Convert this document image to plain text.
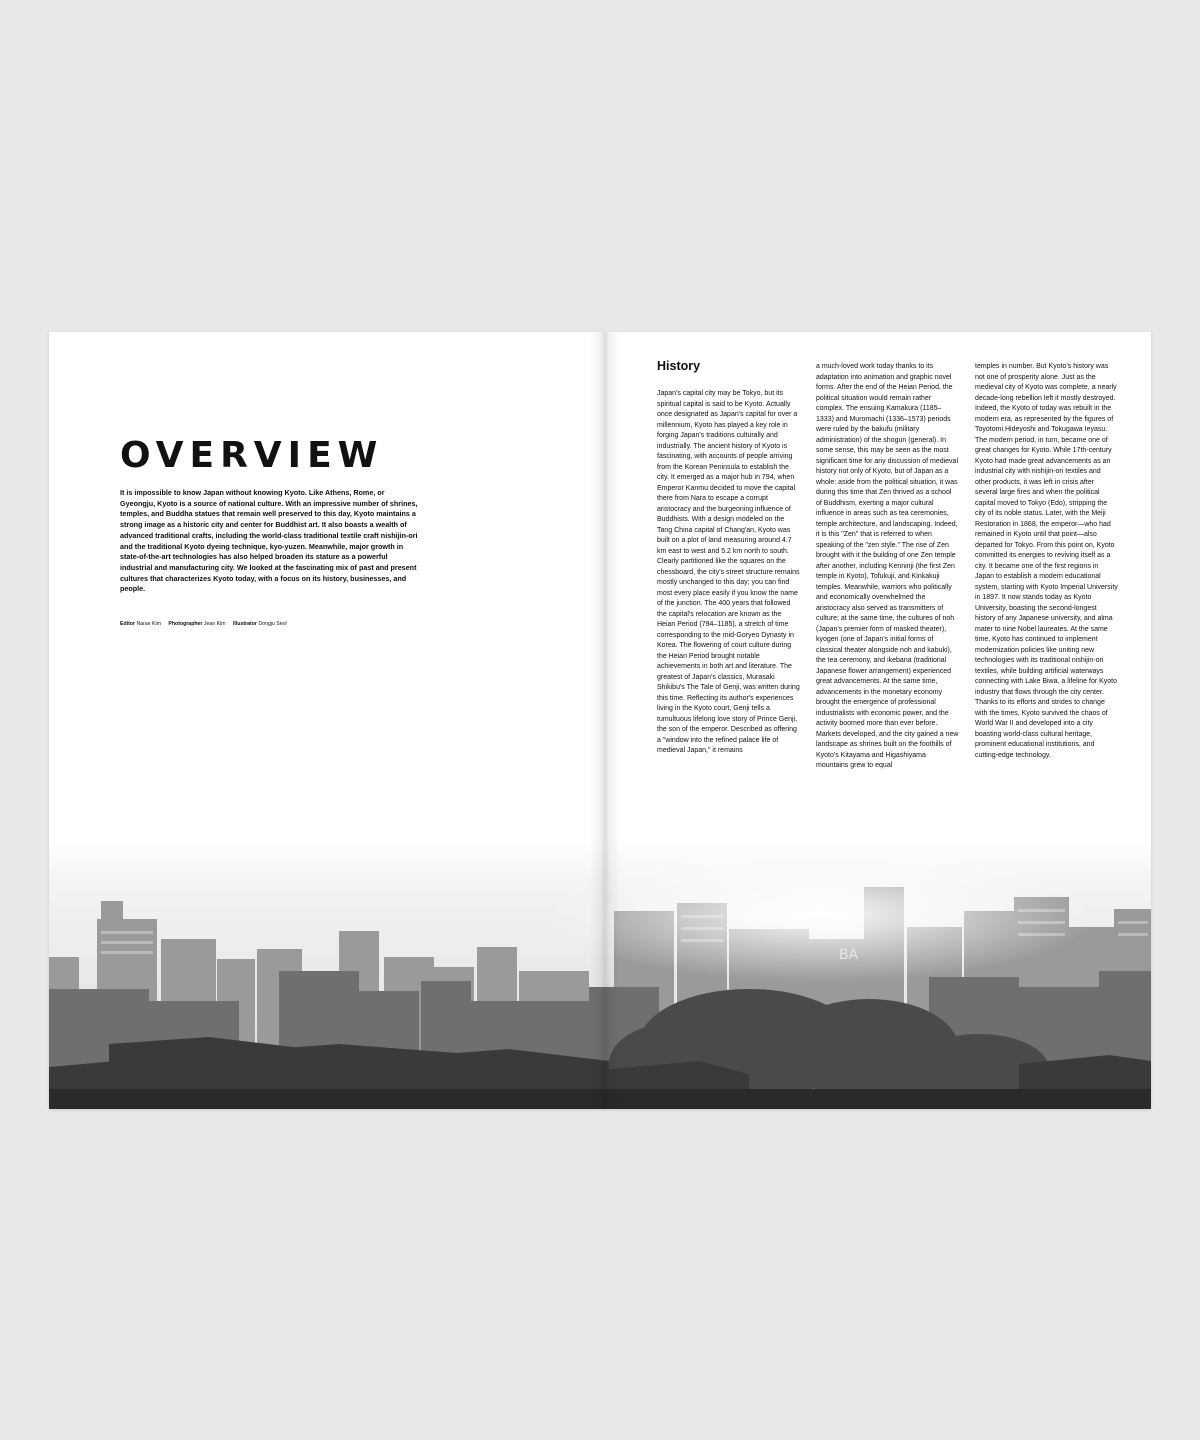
OVERVIEW

It is impossible to know Japan without knowing Kyoto. Like Athens, Rome, or Gyeongju, Kyoto is a source of national culture. With an impressive number of shrines, temples, and Buddha statues that remain well preserved to this day, Kyoto maintains a strong image as a historic city and center for Buddhist art. It also boasts a wealth of advanced traditional crafts, including the world-class traditional textile craft nishijin-ori and the traditional Kyoto dyeing technique, kyo-yuzen. Meanwhile, major growth in state-of-the-art technologies has also helped broaden its stature as a powerful industrial and manufacturing city. We looked at the fascinating mix of past and present cultures that characterizes Kyoto today, with a focus on its history, businesses, and people.

Editor Narae Kim Photographer Jean Kim Illustrator Dongju Seol
History
Japan's capital city may be Tokyo, but its spiritual capital is said to be Kyoto. Actually once designated as Japan's capital for over a millennium, Kyoto has played a key role in forging Japan's traditions culturally and industrially. The ancient history of Kyoto is fascinating, with accounts of people arriving from the Korean Peninsula to establish the city. It emerged as a major hub in 794, when Emperor Kanmu decided to move the capital there from Nara to escape a corrupt aristocracy and the burgeoning influence of Buddhists. With a design modeled on the Tang China capital of Chang'an, Kyoto was built on a plot of land measuring around 4.7 km east to west and 5.2 km north to south. Clearly partitioned like the squares on the chessboard, the city's street structure remains mostly unchanged to this day; you can find most every place easily if you know the name of the junction. The 400 years that followed the capital's relocation are known as the Heian Period (794–1185), a stretch of time corresponding to the mid-Goryeo Dynasty in Korea. The flowering of court culture during the Heian Period brought notable achievements in both art and literature. The greatest of Japan's classics, Murasaki Shikibu's The Tale of Genji, was written during this time. Reflecting its author's experiences living in the Kyoto court, Genji tells a tumultuous lifelong love story of Prince Genji, the son of the emperor. Described as offering a "window into the refined palace life of medieval Japan," it remains
a much-loved work today thanks to its adaptation into animation and graphic novel forms. After the end of the Heian Period, the political situation would remain rather complex. The ensuing Kamakura (1185–1333) and Muromachi (1336–1573) periods were ruled by the bakufu (military administration) of the shogun (general). In some sense, this may be seen as the most significant time for any discussion of medieval history not only of Kyoto, but of Japan as a whole: aside from the political situation, it was during this time that Zen thrived as a school of Buddhism, exerting a major cultural influence in areas such as tea ceremonies, temple architecture, and landscaping. Indeed, it is this "Zen" that is referred to when speaking of the "zen style." The rise of Zen brought with it the building of one Zen temple after another, including Kenninji (the first Zen temple in Kyoto), Tofukuji, and Kinkakuji temples. Meanwhile, warriors who politically and economically overwhelmed the aristocracy also served as transmitters of culture; at the same time, the cultures of noh (Japan's premier form of masked theater), kyogen (one of Japan's initial forms of classical theater alongside noh and kabuki), the tea ceremony, and ikebana (traditional Japanese flower arrangement) experienced great advancements. At the same time, advancements in the monetary economy brought the emergence of professional industrialists with economic power, and the activity boomed more than ever before. Markets developed, and the city gained a new landscape as shrines built on the foothills of Kyoto's Kitayama and Higashiyama mountains grew to equal
temples in number. But Kyoto's history was not one of prosperity alone. Just as the medieval city of Kyoto was complete, a nearly decade-long rebellion left it mostly destroyed. Indeed, the Kyoto of today was rebuilt in the modern era, as represented by the figures of Toyotomi Hideyoshi and Tokugawa Ieyasu. The modern period, in turn, became one of great changes for Kyoto. While 17th-century Kyoto had made great advancements as an industrial city with nishijin-ori textiles and other products, it was left in crisis after several large fires and when the political capital moved to Tokyo (Edo), stripping the city of its noble status. Later, with the Meiji Restoration in 1868, the emperor—who had remained in Kyoto until that point—also departed for Tokyo. From this point on, Kyoto committed its energies to reviving itself as a city. It became one of the first regions in Japan to establish a modern educational system, starting with Kyoto Imperial University in 1897. It now stands today as Kyoto University, boasting the second-longest history of any Japanese university, and alma mater to nine Nobel laureates. At the same time, Kyoto has continued to implement modernization policies like uniting new technologies with its traditional nishijin-ori textiles, while building artificial waterways connecting with Lake Biwa, a lifeline for Kyoto industry that flows through the city center. Thanks to its efforts and strides to change with the times, Kyoto survived the chaos of World War II and developed into a city boasting world-class cultural heritage, prominent educational institutions, and cutting-edge technology.
